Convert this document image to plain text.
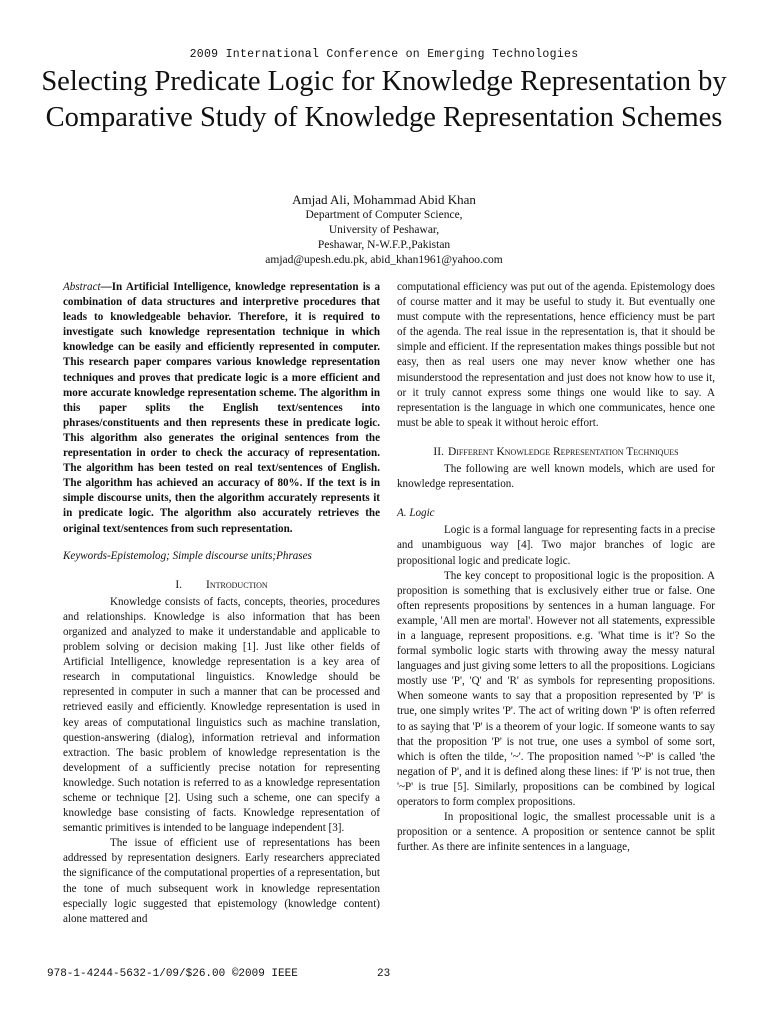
2009 International Conference on Emerging Technologies
Selecting Predicate Logic for Knowledge Representation by Comparative Study of Knowledge Representation Schemes
Amjad Ali, Mohammad Abid Khan
Department of Computer Science,
University of Peshawar,
Peshawar, N-W.F.P.,Pakistan
amjad@upesh.edu.pk, abid_khan1961@yahoo.com

Abstract—In Artificial Intelligence, knowledge representation is a combination of data structures and interpretive procedures that leads to knowledgeable behavior. Therefore, it is required to investigate such knowledge representation technique in which knowledge can be easily and efficiently represented in computer. This research paper compares various knowledge representation techniques and proves that predicate logic is a more efficient and more accurate knowledge representation scheme. The algorithm in this paper splits the English text/sentences into phrases/constituents and then represents these in predicate logic. This algorithm also generates the original sentences from the representation in order to check the accuracy of representation. The algorithm has been tested on real text/sentences of English. The algorithm has achieved an accuracy of 80%. If the text is in simple discourse units, then the algorithm accurately represents it in predicate logic. The algorithm also accurately retrieves the original text/sentences from such representation.

Keywords-Epistemolog; Simple discourse units;Phrases

I. Introduction

Knowledge consists of facts, concepts, theories, procedures and relationships. Knowledge is also information that has been organized and analyzed to make it understandable and applicable to problem solving or decision making [1]. Just like other fields of Artificial Intelligence, knowledge representation is a key area of research in computational linguistics. Knowledge should be represented in computer in such a manner that can be processed and retrieved easily and efficiently. Knowledge representation is used in key areas of computational linguistics such as machine translation, question-answering (dialog), information retrieval and information extraction. The basic problem of knowledge representation is the development of a sufficiently precise notation for representing knowledge. Such notation is referred to as a knowledge representation scheme or technique [2]. Using such a scheme, one can specify a knowledge base consisting of facts. Knowledge representation of semantic primitives is intended to be language independent [3].

The issue of efficient use of representations has been addressed by representation designers. Early researchers appreciated the significance of the computational properties of a representation, but the tone of much subsequent work in knowledge representation especially logic suggested that epistemology (knowledge content) alone mattered and

computational efficiency was put out of the agenda. Epistemology does of course matter and it may be useful to study it. But eventually one must compute with the representations, hence efficiency must be part of the agenda. The real issue in the representation is, that it should be simple and efficient. If the representation makes things possible but not easy, then as real users one may never know whether one has misunderstood the representation and just does not know how to use it, or it truly cannot express some things one would like to say. A representation is the language in which one communicates, hence one must be able to speak it without heroic effort.

II. Different Knowledge Representation Techniques

The following are well known models, which are used for knowledge representation.

A. Logic

Logic is a formal language for representing facts in a precise and unambiguous way [4]. Two major branches of logic are propositional logic and predicate logic.

The key concept to propositional logic is the proposition. A proposition is something that is exclusively either true or false. One often represents propositions by sentences in a human language. For example, 'All men are mortal'. However not all statements, expressible in a language, represent propositions. e.g. 'What time is it'? So the formal symbolic logic starts with throwing away the messy natural languages and just giving some letters to all the propositions. Logicians mostly use 'P', 'Q' and 'R' as symbols for representing propositions. When someone wants to say that a proposition represented by 'P' is true, one simply writes 'P'. The act of writing down 'P' is often referred to as saying that 'P' is a theorem of your logic. If someone wants to say that the proposition 'P' is not true, one uses a symbol of some sort, which is often the tilde, '~'. The proposition named '~P' is called 'the negation of P', and it is defined along these lines: if 'P' is not true, then '~P' is true [5]. Similarly, propositions can be combined by logical operators to form complex propositions.

In propositional logic, the smallest processable unit is a proposition or a sentence. A proposition or sentence cannot be split further. As there are infinite sentences in a language,

978-1-4244-5632-1/09/$26.00 ©2009 IEEE	23
